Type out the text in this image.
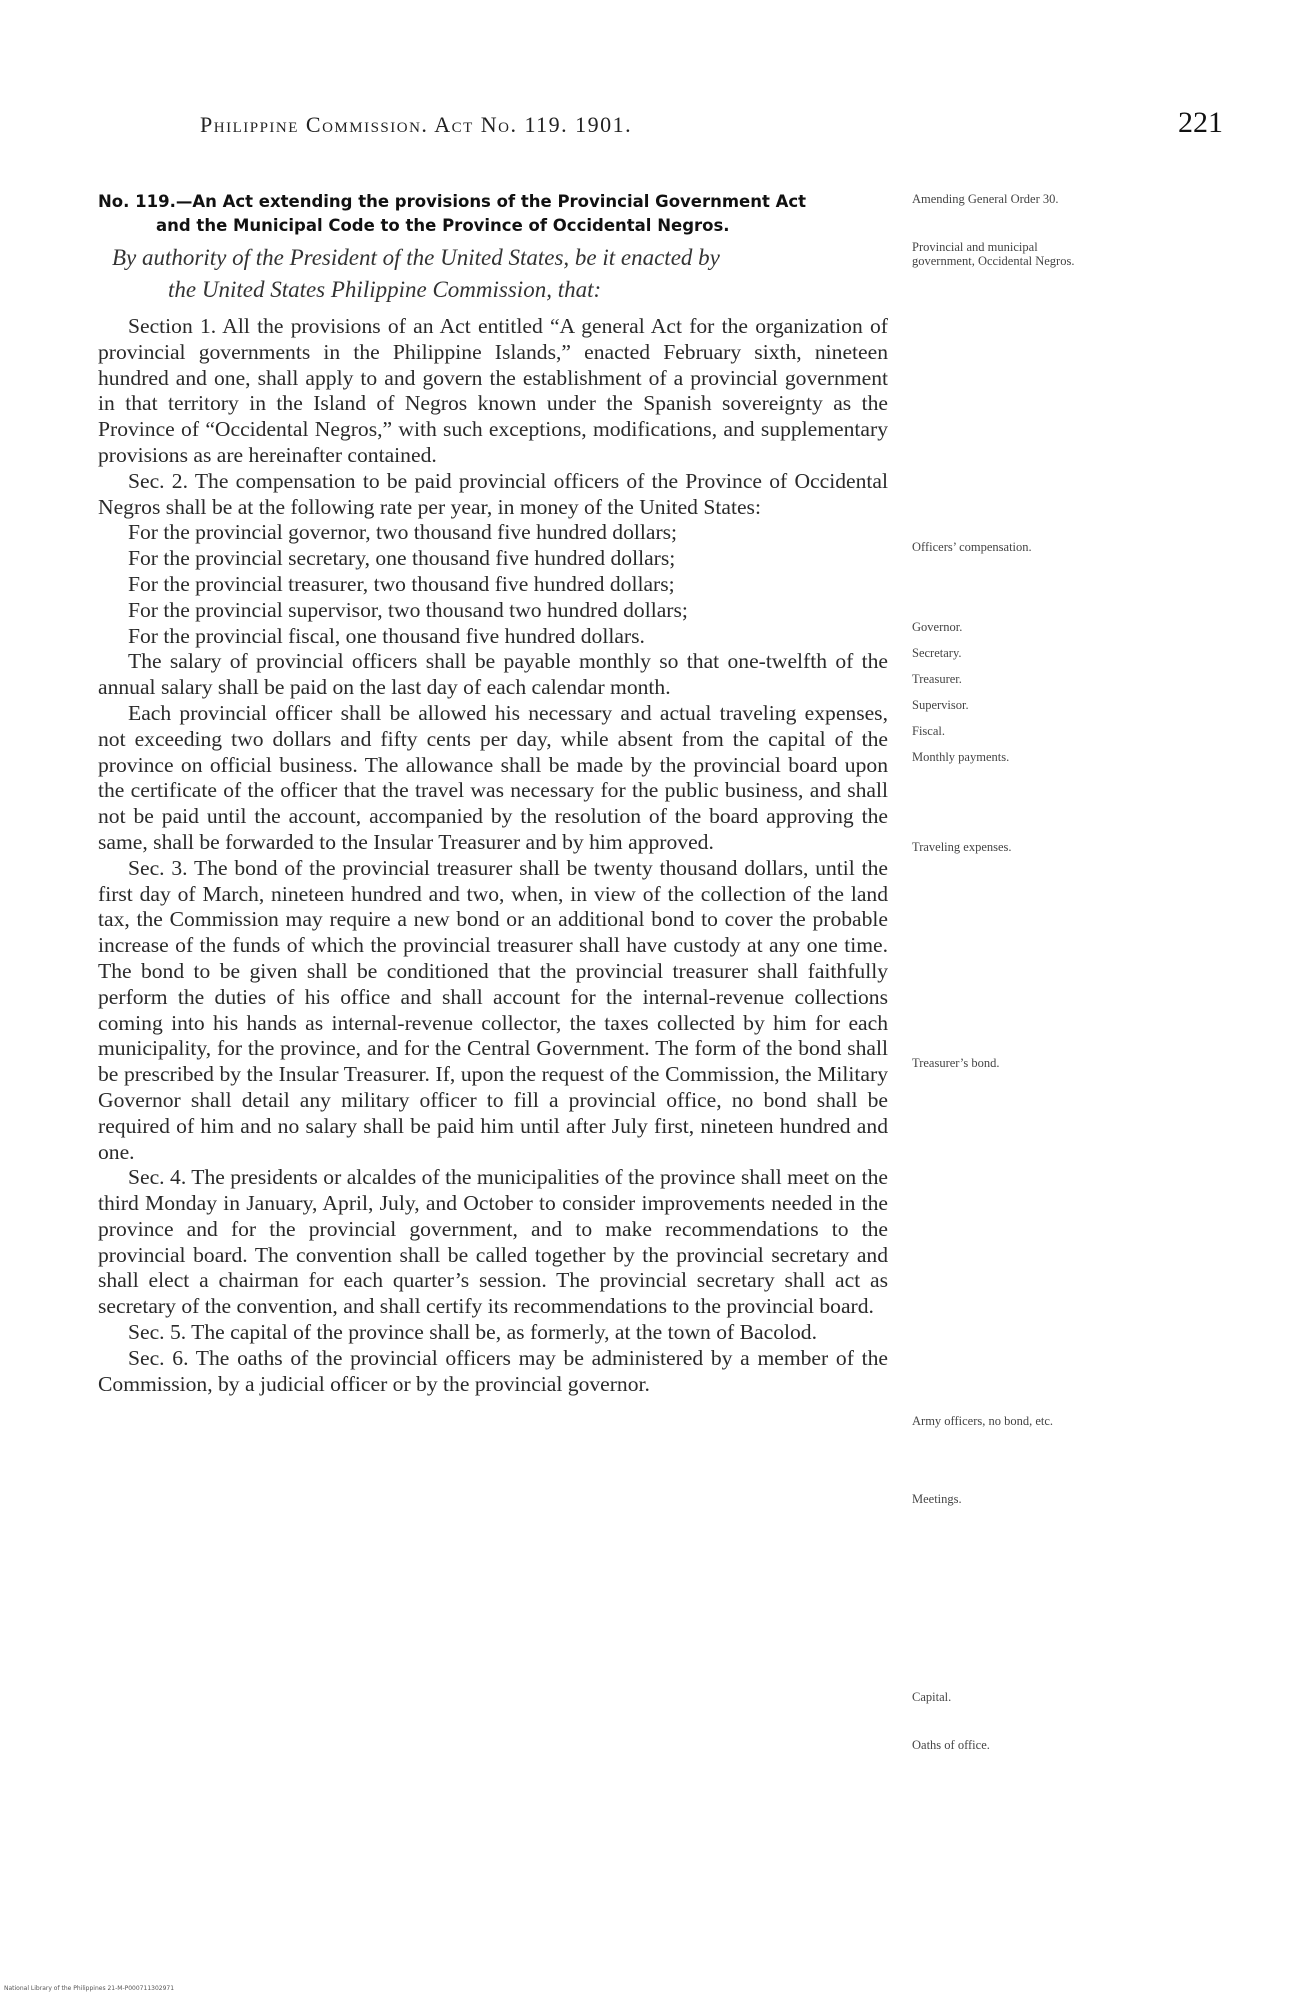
Philippine Commission. Act No. 119. 1901.	221
No. 119.—An Act extending the provisions of the Provincial Government Act
and the Municipal Code to the Province of Occidental Negros.
By authority of the President of the United States, be it enacted by
the United States Philippine Commission, that:

Section 1. All the provisions of an Act entitled “A general Act for the organization of provincial governments in the Philippine Islands,” enacted February sixth, nineteen hundred and one, shall apply to and govern the establishment of a provincial government in that territory in the Island of Negros known under the Spanish sovereignty as the Province of “Occidental Negros,” with such exceptions, modifications, and supplementary provisions as are hereinafter contained.

Sec. 2. The compensation to be paid provincial officers of the Province of Occidental Negros shall be at the following rate per year, in money of the United States:

For the provincial governor, two thousand five hundred dollars;

For the provincial secretary, one thousand five hundred dollars;

For the provincial treasurer, two thousand five hundred dollars;

For the provincial supervisor, two thousand two hundred dollars;

For the provincial fiscal, one thousand five hundred dollars.

The salary of provincial officers shall be payable monthly so that one-twelfth of the annual salary shall be paid on the last day of each calendar month.

Each provincial officer shall be allowed his necessary and actual traveling expenses, not exceeding two dollars and fifty cents per day, while absent from the capital of the province on official business. The allowance shall be made by the provincial board upon the certificate of the officer that the travel was necessary for the public business, and shall not be paid until the account, accompanied by the resolution of the board approving the same, shall be forwarded to the Insular Treasurer and by him approved.

Sec. 3. The bond of the provincial treasurer shall be twenty thousand dollars, until the first day of March, nineteen hundred and two, when, in view of the collection of the land tax, the Commission may require a new bond or an additional bond to cover the probable increase of the funds of which the provincial treasurer shall have custody at any one time. The bond to be given shall be conditioned that the provincial treasurer shall faithfully perform the duties of his office and shall account for the internal-revenue collections coming into his hands as internal-revenue collector, the taxes collected by him for each municipality, for the province, and for the Central Government. The form of the bond shall be prescribed by the Insular Treasurer. If, upon the request of the Commission, the Military Governor shall detail any military officer to fill a provincial office, no bond shall be required of him and no salary shall be paid him until after July first, nineteen hundred and one.

Sec. 4. The presidents or alcaldes of the municipalities of the province shall meet on the third Monday in January, April, July, and October to consider improvements needed in the province and for the provincial government, and to make recommendations to the provincial board. The convention shall be called together by the provincial secretary and shall elect a chairman for each quarter’s session. The provincial secretary shall act as secretary of the convention, and shall certify its recommendations to the provincial board.

Sec. 5. The capital of the province shall be, as formerly, at the town of Bacolod.

Sec. 6. The oaths of the provincial officers may be administered by a member of the Commission, by a judicial officer or by the provincial governor.

Amending General Order 30.
Provincial and municipal government, Occidental Negros.
Officers’ compensation.
Governor.
Secretary.
Treasurer.
Supervisor.
Fiscal.
Monthly payments.
Traveling expenses.
Treasurer’s bond.
Army officers, no bond, etc.
Meetings.
Capital.
Oaths of office.
National Library of the Philippines 21-M-P000711302971
